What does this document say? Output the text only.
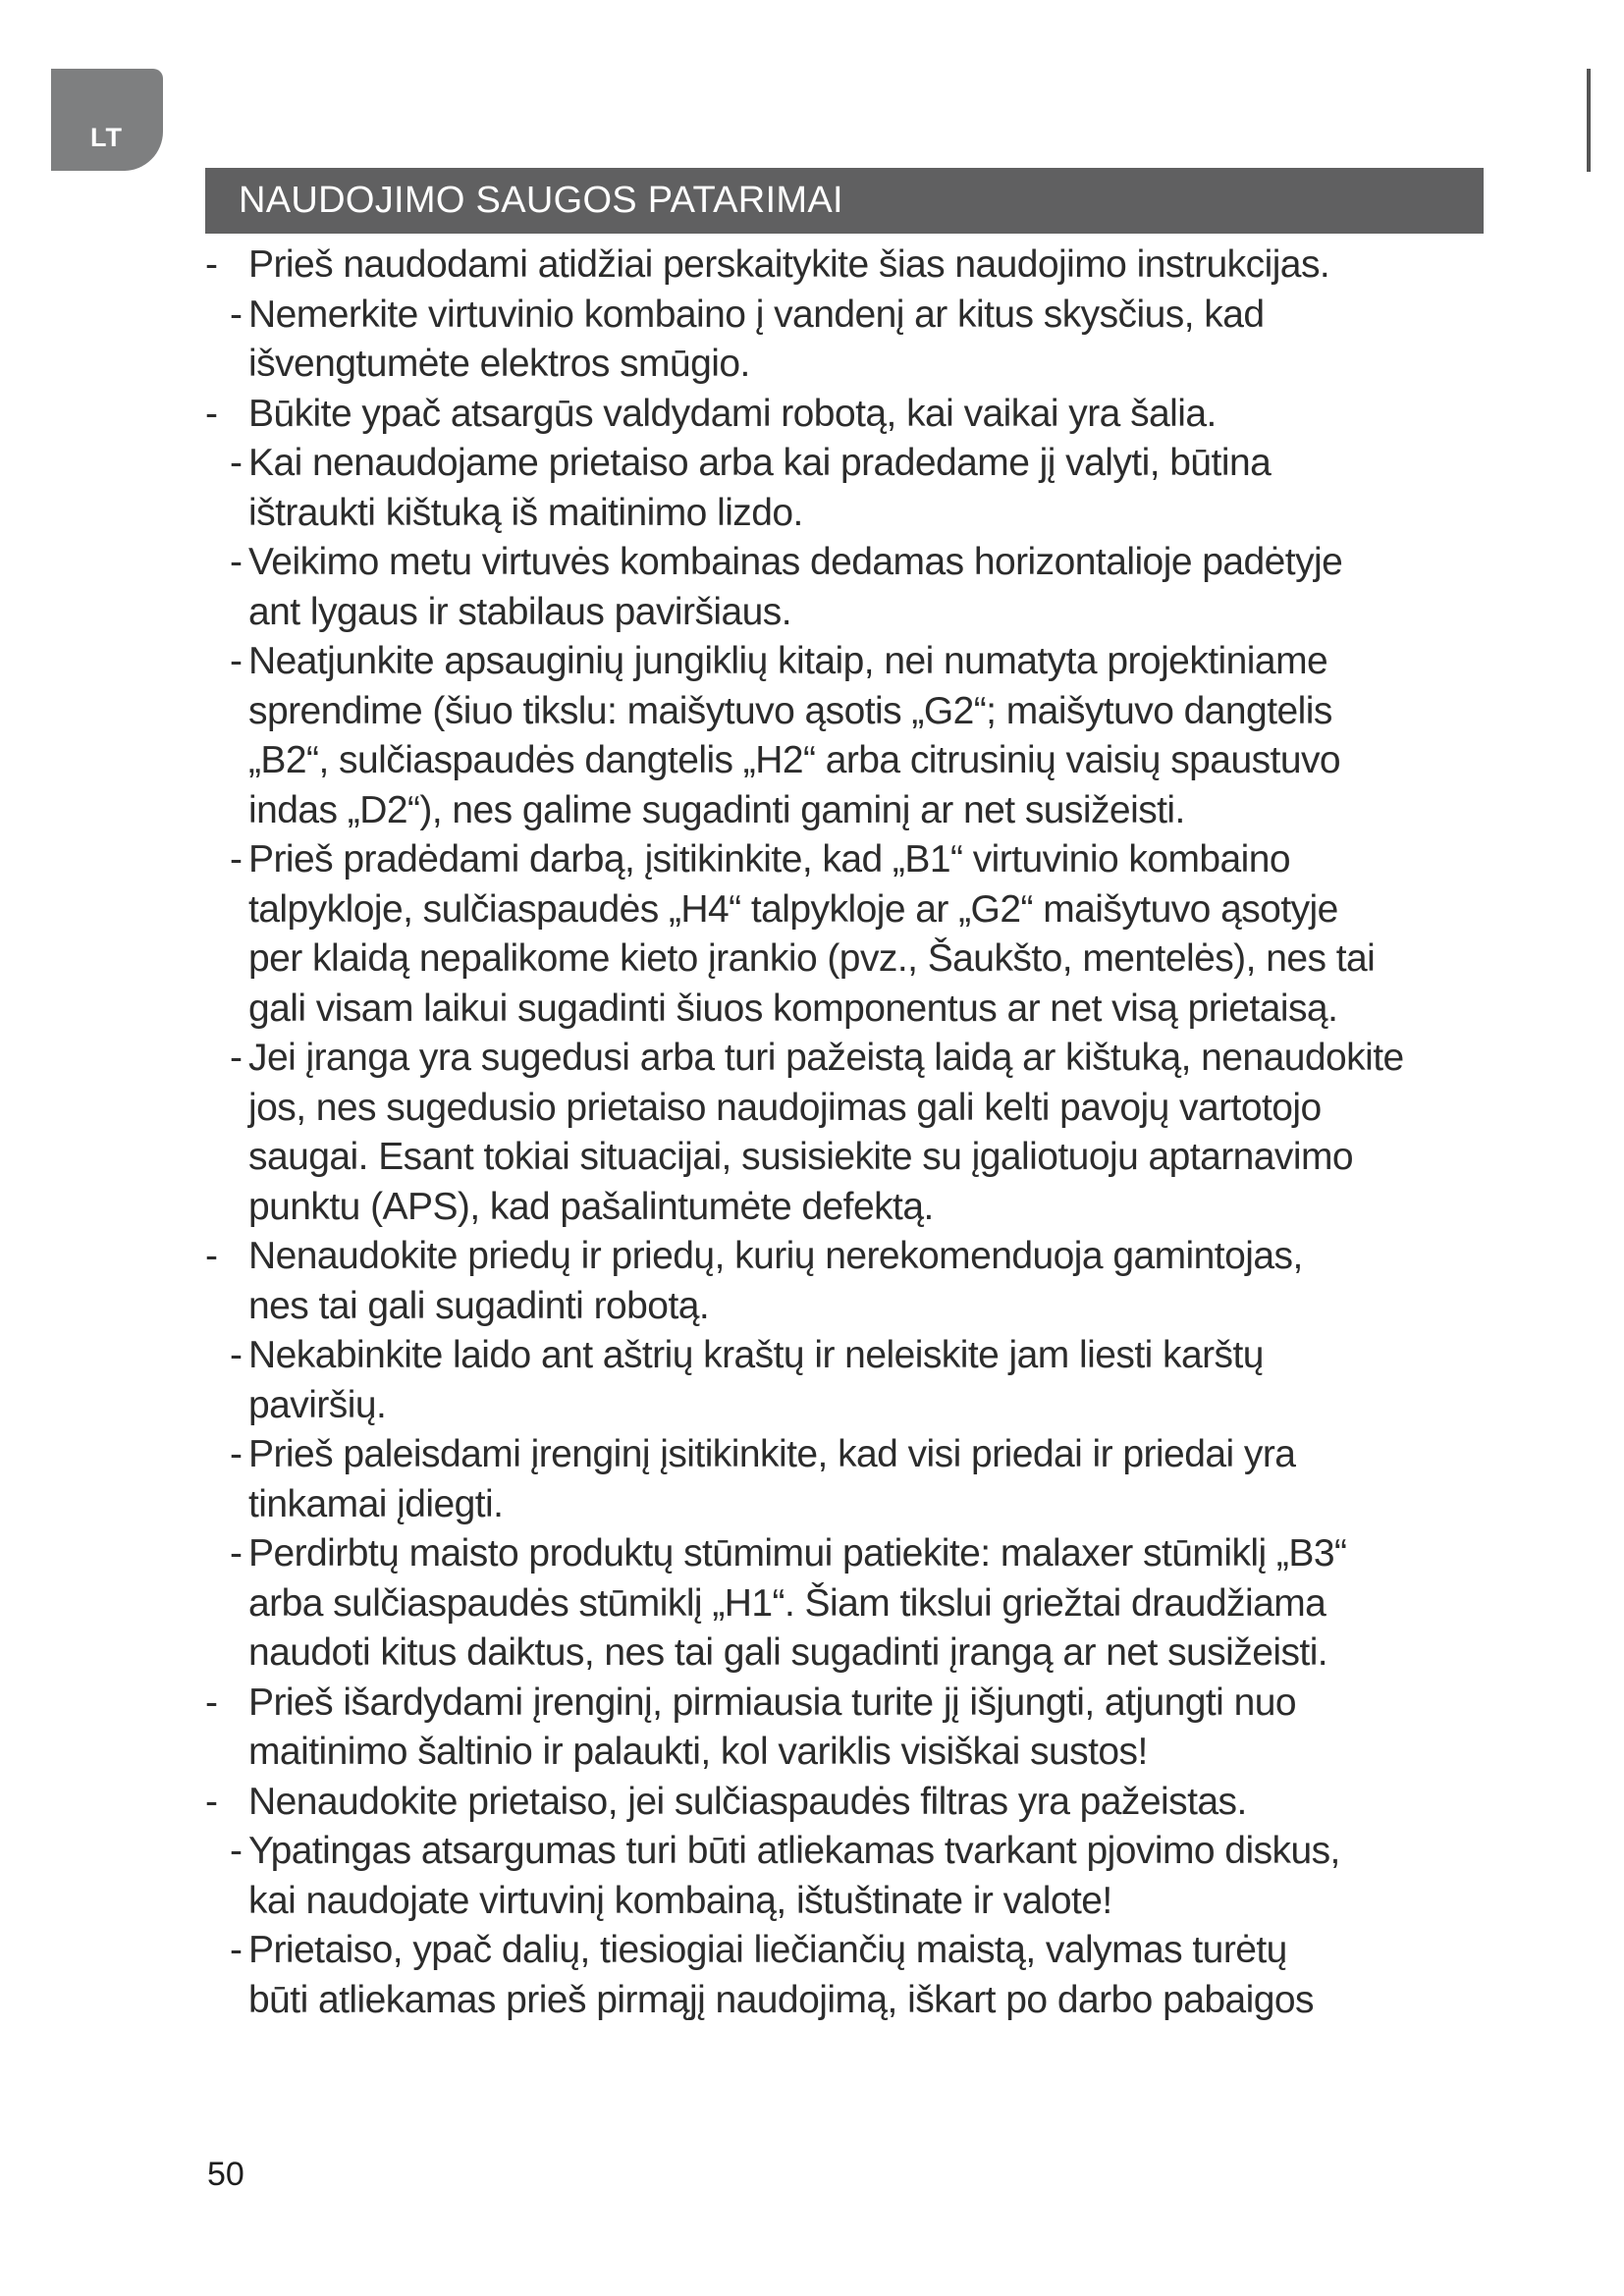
LT
NAUDOJIMO SAUGOS PATARIMAI
- Prieš naudodami atidžiai perskaitykite šias naudojimo instrukcijas.
- Nemerkite virtuvinio kombaino į vandenį ar kitus skysčius, kad
išvengtumėte elektros smūgio.
- Būkite ypač atsargūs valdydami robotą, kai vaikai yra šalia.
- Kai nenaudojame prietaiso arba kai pradedame jį valyti, būtina
ištraukti kištuką iš maitinimo lizdo.
- Veikimo metu virtuvės kombainas dedamas horizontalioje padėtyje
ant lygaus ir stabilaus paviršiaus.
- Neatjunkite apsauginių jungiklių kitaip, nei numatyta projektiniame
sprendime (šiuo tikslu: maišytuvo ąsotis „G2“; maišytuvo dangtelis
„B2“, sulčiaspaudės dangtelis „H2“ arba citrusinių vaisių spaustuvo
indas „D2“), nes galime sugadinti gaminį ar net susižeisti.
- Prieš pradėdami darbą, įsitikinkite, kad „B1“ virtuvinio kombaino
talpykloje, sulčiaspaudės „H4“ talpykloje ar „G2“ maišytuvo ąsotyje
per klaidą nepalikome kieto įrankio (pvz., Šaukšto, mentelės), nes tai
gali visam laikui sugadinti šiuos komponentus ar net visą prietaisą.
- Jei įranga yra sugedusi arba turi pažeistą laidą ar kištuką, nenaudokite
jos, nes sugedusio prietaiso naudojimas gali kelti pavojų vartotojo
saugai. Esant tokiai situacijai, susisiekite su įgaliotuoju aptarnavimo
punktu (APS), kad pašalintumėte defektą.
- Nenaudokite priedų ir priedų, kurių nerekomenduoja gamintojas,
nes tai gali sugadinti robotą.
- Nekabinkite laido ant aštrių kraštų ir neleiskite jam liesti karštų
paviršių.
- Prieš paleisdami įrenginį įsitikinkite, kad visi priedai ir priedai yra
tinkamai įdiegti.
- Perdirbtų maisto produktų stūmimui patiekite: malaxer stūmiklį „B3“
arba sulčiaspaudės stūmiklį „H1“. Šiam tikslui griežtai draudžiama
naudoti kitus daiktus, nes tai gali sugadinti įrangą ar net susižeisti.
- Prieš išardydami įrenginį, pirmiausia turite jį išjungti, atjungti nuo
maitinimo šaltinio ir palaukti, kol variklis visiškai sustos!
- Nenaudokite prietaiso, jei sulčiaspaudės filtras yra pažeistas.
- Ypatingas atsargumas turi būti atliekamas tvarkant pjovimo diskus,
kai naudojate virtuvinį kombainą, ištuštinate ir valote!
- Prietaiso, ypač dalių, tiesiogiai liečiančių maistą, valymas turėtų
būti atliekamas prieš pirmąjį naudojimą, iškart po darbo pabaigos
50
